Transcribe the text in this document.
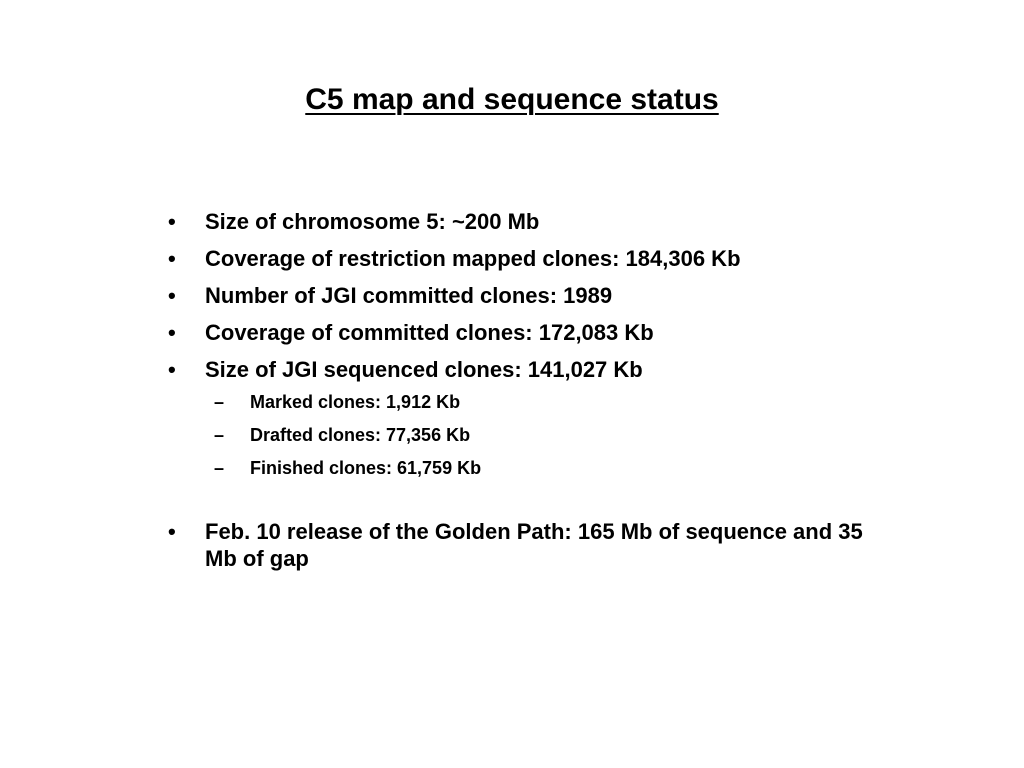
C5 map and sequence status
•	Size of chromosome 5: ~200 Mb
•	Coverage of restriction mapped clones: 184,306 Kb
•	Number of JGI committed clones: 1989
•	Coverage of committed clones: 172,083 Kb
•	Size of JGI sequenced clones: 141,027 Kb
–	Marked clones: 1,912 Kb
–	Drafted clones: 77,356 Kb
–	Finished clones: 61,759 Kb
•	Feb. 10 release of the Golden Path: 165 Mb of sequence and 35 Mb of gap
